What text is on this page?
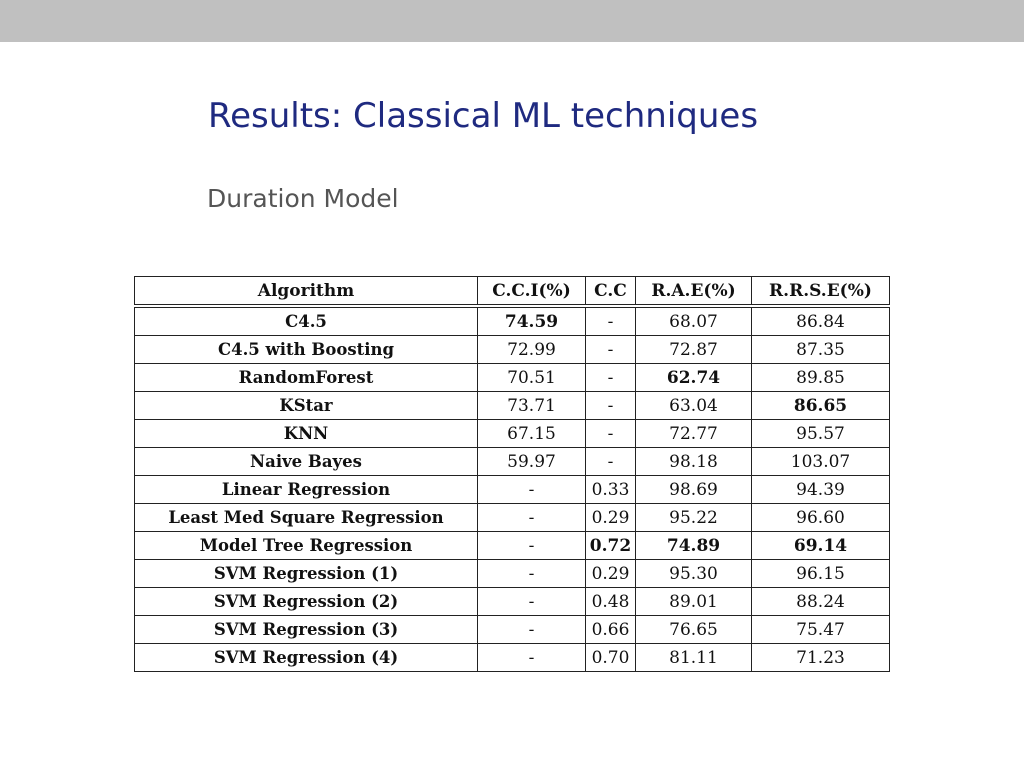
Results: Classical ML techniques
Duration Model
Algorithm	C.C.I(%)	C.C	R.A.E(%)	R.R.S.E(%)
C4.5	74.59	-	68.07	86.84
C4.5 with Boosting	72.99	-	72.87	87.35
RandomForest	70.51	-	62.74	89.85
KStar	73.71	-	63.04	86.65
KNN	67.15	-	72.77	95.57
Naive Bayes	59.97	-	98.18	103.07
Linear Regression	-	0.33	98.69	94.39
Least Med Square Regression	-	0.29	95.22	96.60
Model Tree Regression	-	0.72	74.89	69.14
SVM Regression (1)	-	0.29	95.30	96.15
SVM Regression (2)	-	0.48	89.01	88.24
SVM Regression (3)	-	0.66	76.65	75.47
SVM Regression (4)	-	0.70	81.11	71.23
